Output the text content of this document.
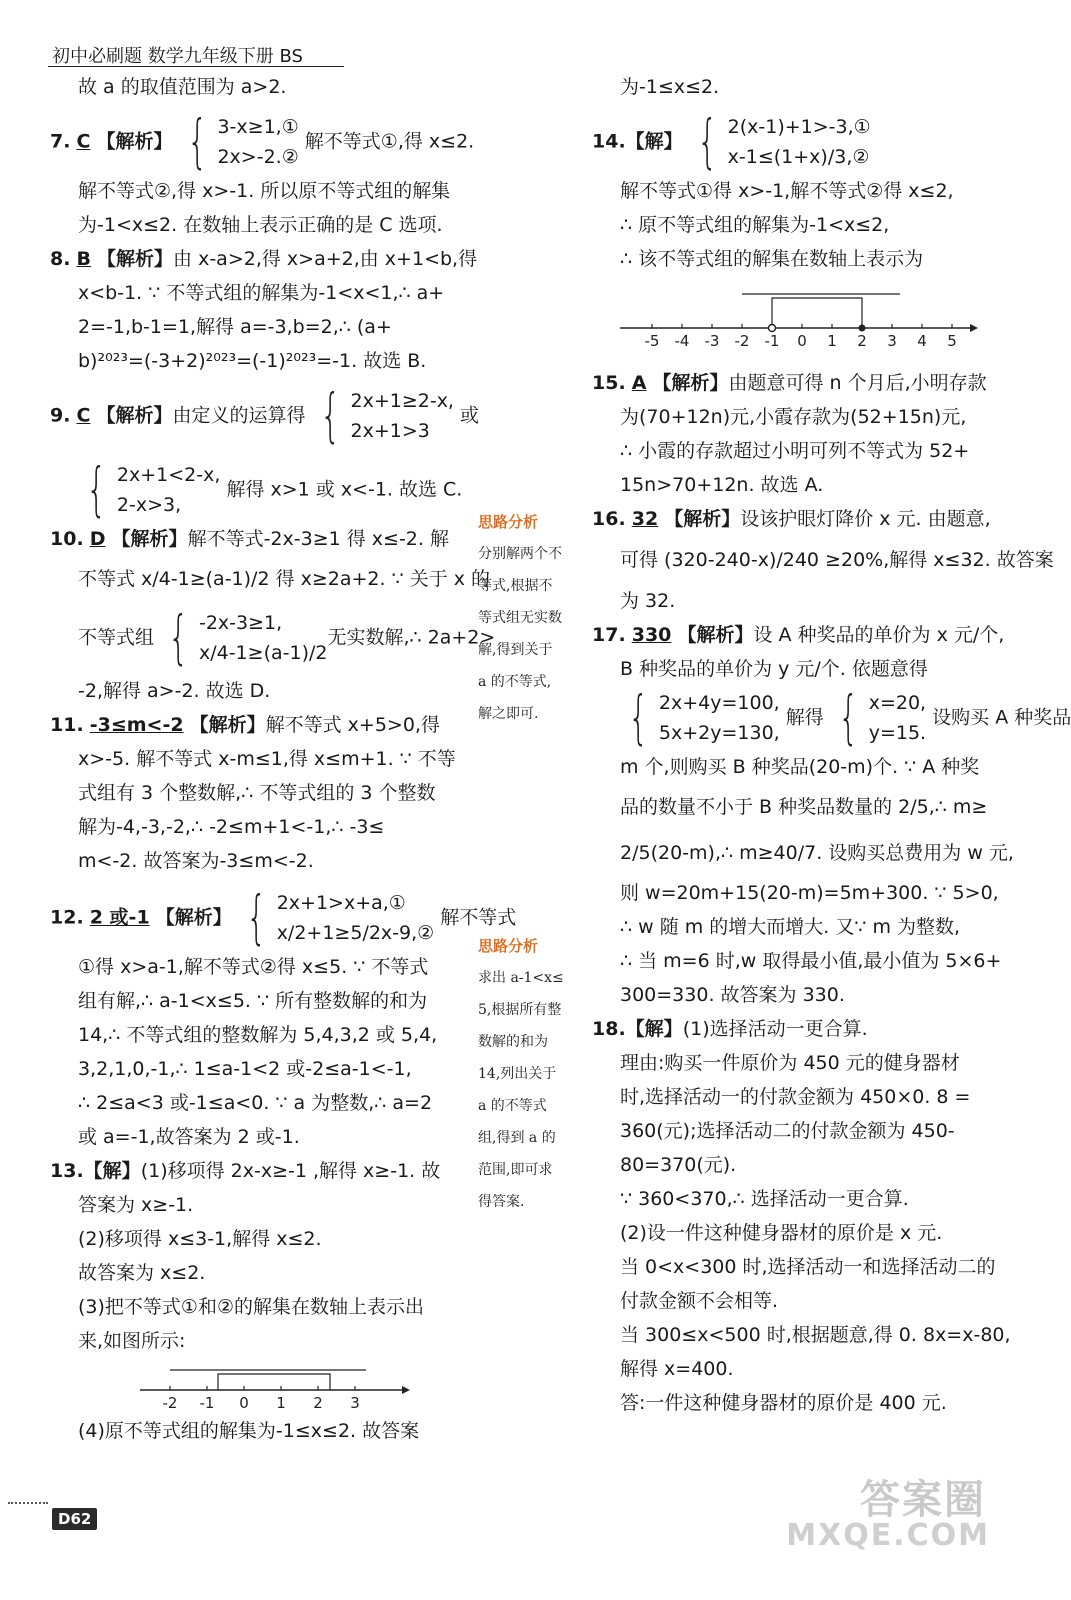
初中必刷题 数学九年级下册 BS
故 a 的取值范围为 a>2.
7. C 【解析】 { 3-x≥1,①
2x>-2.②
解不等式①,得 x≤2.
解不等式②,得 x>-1. 所以原不等式组的解集
为-1<x≤2. 在数轴上表示正确的是 C 选项.
8. B 【解析】由 x-a>2,得 x>a+2,由 x+1<b,得
x<b-1. ∵ 不等式组的解集为-1<x<1,∴ a+
2=-1,b-1=1,解得 a=-3,b=2,∴ (a+
b)²⁰²³=(-3+2)²⁰²³=(-1)²⁰²³=-1. 故选 B.
9. C 【解析】由定义的运算得 { 2x+1≥2-x,
2x+1>3
或
{ 2x+1<2-x,
2-x>3,
解得 x>1 或 x<-1. 故选 C.
10. D 【解析】解不等式-2x-3≥1 得 x≤-2. 解
不等式 x/4-1≥(a-1)/2 得 x≥2a+2. ∵ 关于 x 的
不等式组 { -2x-3≥1,
x/4-1≥(a-1)/2
无实数解,∴ 2a+2>
-2,解得 a>-2. 故选 D.
11. -3≤m<-2 【解析】解不等式 x+5>0,得
x>-5. 解不等式 x-m≤1,得 x≤m+1. ∵ 不等
式组有 3 个整数解,∴ 不等式组的 3 个整数
解为-4,-3,-2,∴ -2≤m+1<-1,∴ -3≤
m<-2. 故答案为-3≤m<-2.
12. 2 或-1 【解析】 { 2x+1>x+a,①
x/2+1≥5/2x-9,②
解不等式
①得 x>a-1,解不等式②得 x≤5. ∵ 不等式
组有解,∴ a-1<x≤5. ∵ 所有整数解的和为
14,∴ 不等式组的整数解为 5,4,3,2 或 5,4,
3,2,1,0,-1,∴ 1≤a-1<2 或-2≤a-1<-1,
∴ 2≤a<3 或-1≤a<0. ∵ a 为整数,∴ a=2
或 a=-1,故答案为 2 或-1.
13.【解】(1)移项得 2x-x≥-1 ,解得 x≥-1. 故
答案为 x≥-1.
(2)移项得 x≤3-1,解得 x≤2.
故答案为 x≤2.
(3)把不等式①和②的解集在数轴上表示出
来,如图所示:
-2 -1 0 1 2 3
(4)原不等式组的解集为-1≤x≤2. 故答案
思路分析
分别解两个不
等式,根据不
等式组无实数
解,得到关于
a 的不等式,
解之即可.
思路分析
求出 a-1<x≤
5,根据所有整
数解的和为
14,列出关于
a 的不等式
组,得到 a 的
范围,即可求
得答案.
为-1≤x≤2.
14.【解】 { 2(x-1)+1>-3,①
x-1≤(1+x)/3,②
解不等式①得 x>-1,解不等式②得 x≤2,
∴ 原不等式组的解集为-1<x≤2,
∴ 该不等式组的解集在数轴上表示为
-5 -4 -3 -2 -1 0 1 2 3 4 5
15. A 【解析】由题意可得 n 个月后,小明存款
为(70+12n)元,小霞存款为(52+15n)元,
∴ 小霞的存款超过小明可列不等式为 52+
15n>70+12n. 故选 A.
16. 32 【解析】设该护眼灯降价 x 元. 由题意,
可得 (320-240-x)/240 ≥20%,解得 x≤32. 故答案
为 32.
17. 330 【解析】设 A 种奖品的单价为 x 元/个,
B 种奖品的单价为 y 元/个. 依题意得
{ 2x+4y=100,
5x+2y=130,
解得 { x=20,
y=15.
设购买 A 种奖品
m 个,则购买 B 种奖品(20-m)个. ∵ A 种奖
品的数量不小于 B 种奖品数量的 2/5,∴ m≥
2/5(20-m),∴ m≥40/7. 设购买总费用为 w 元,
则 w=20m+15(20-m)=5m+300. ∵ 5>0,
∴ w 随 m 的增大而增大. 又∵ m 为整数,
∴ 当 m=6 时,w 取得最小值,最小值为 5×6+
300=330. 故答案为 330.
18.【解】(1)选择活动一更合算.
理由:购买一件原价为 450 元的健身器材
时,选择活动一的付款金额为 450×0. 8 =
360(元);选择活动二的付款金额为 450-
80=370(元).
∵ 360<370,∴ 选择活动一更合算.
(2)设一件这种健身器材的原价是 x 元.
当 0<x<300 时,选择活动一和选择活动二的
付款金额不会相等.
当 300≤x<500 时,根据题意,得 0. 8x=x-80,
解得 x=400.
答:一件这种健身器材的原价是 400 元.
D62	答案圈
MXQE.COM
